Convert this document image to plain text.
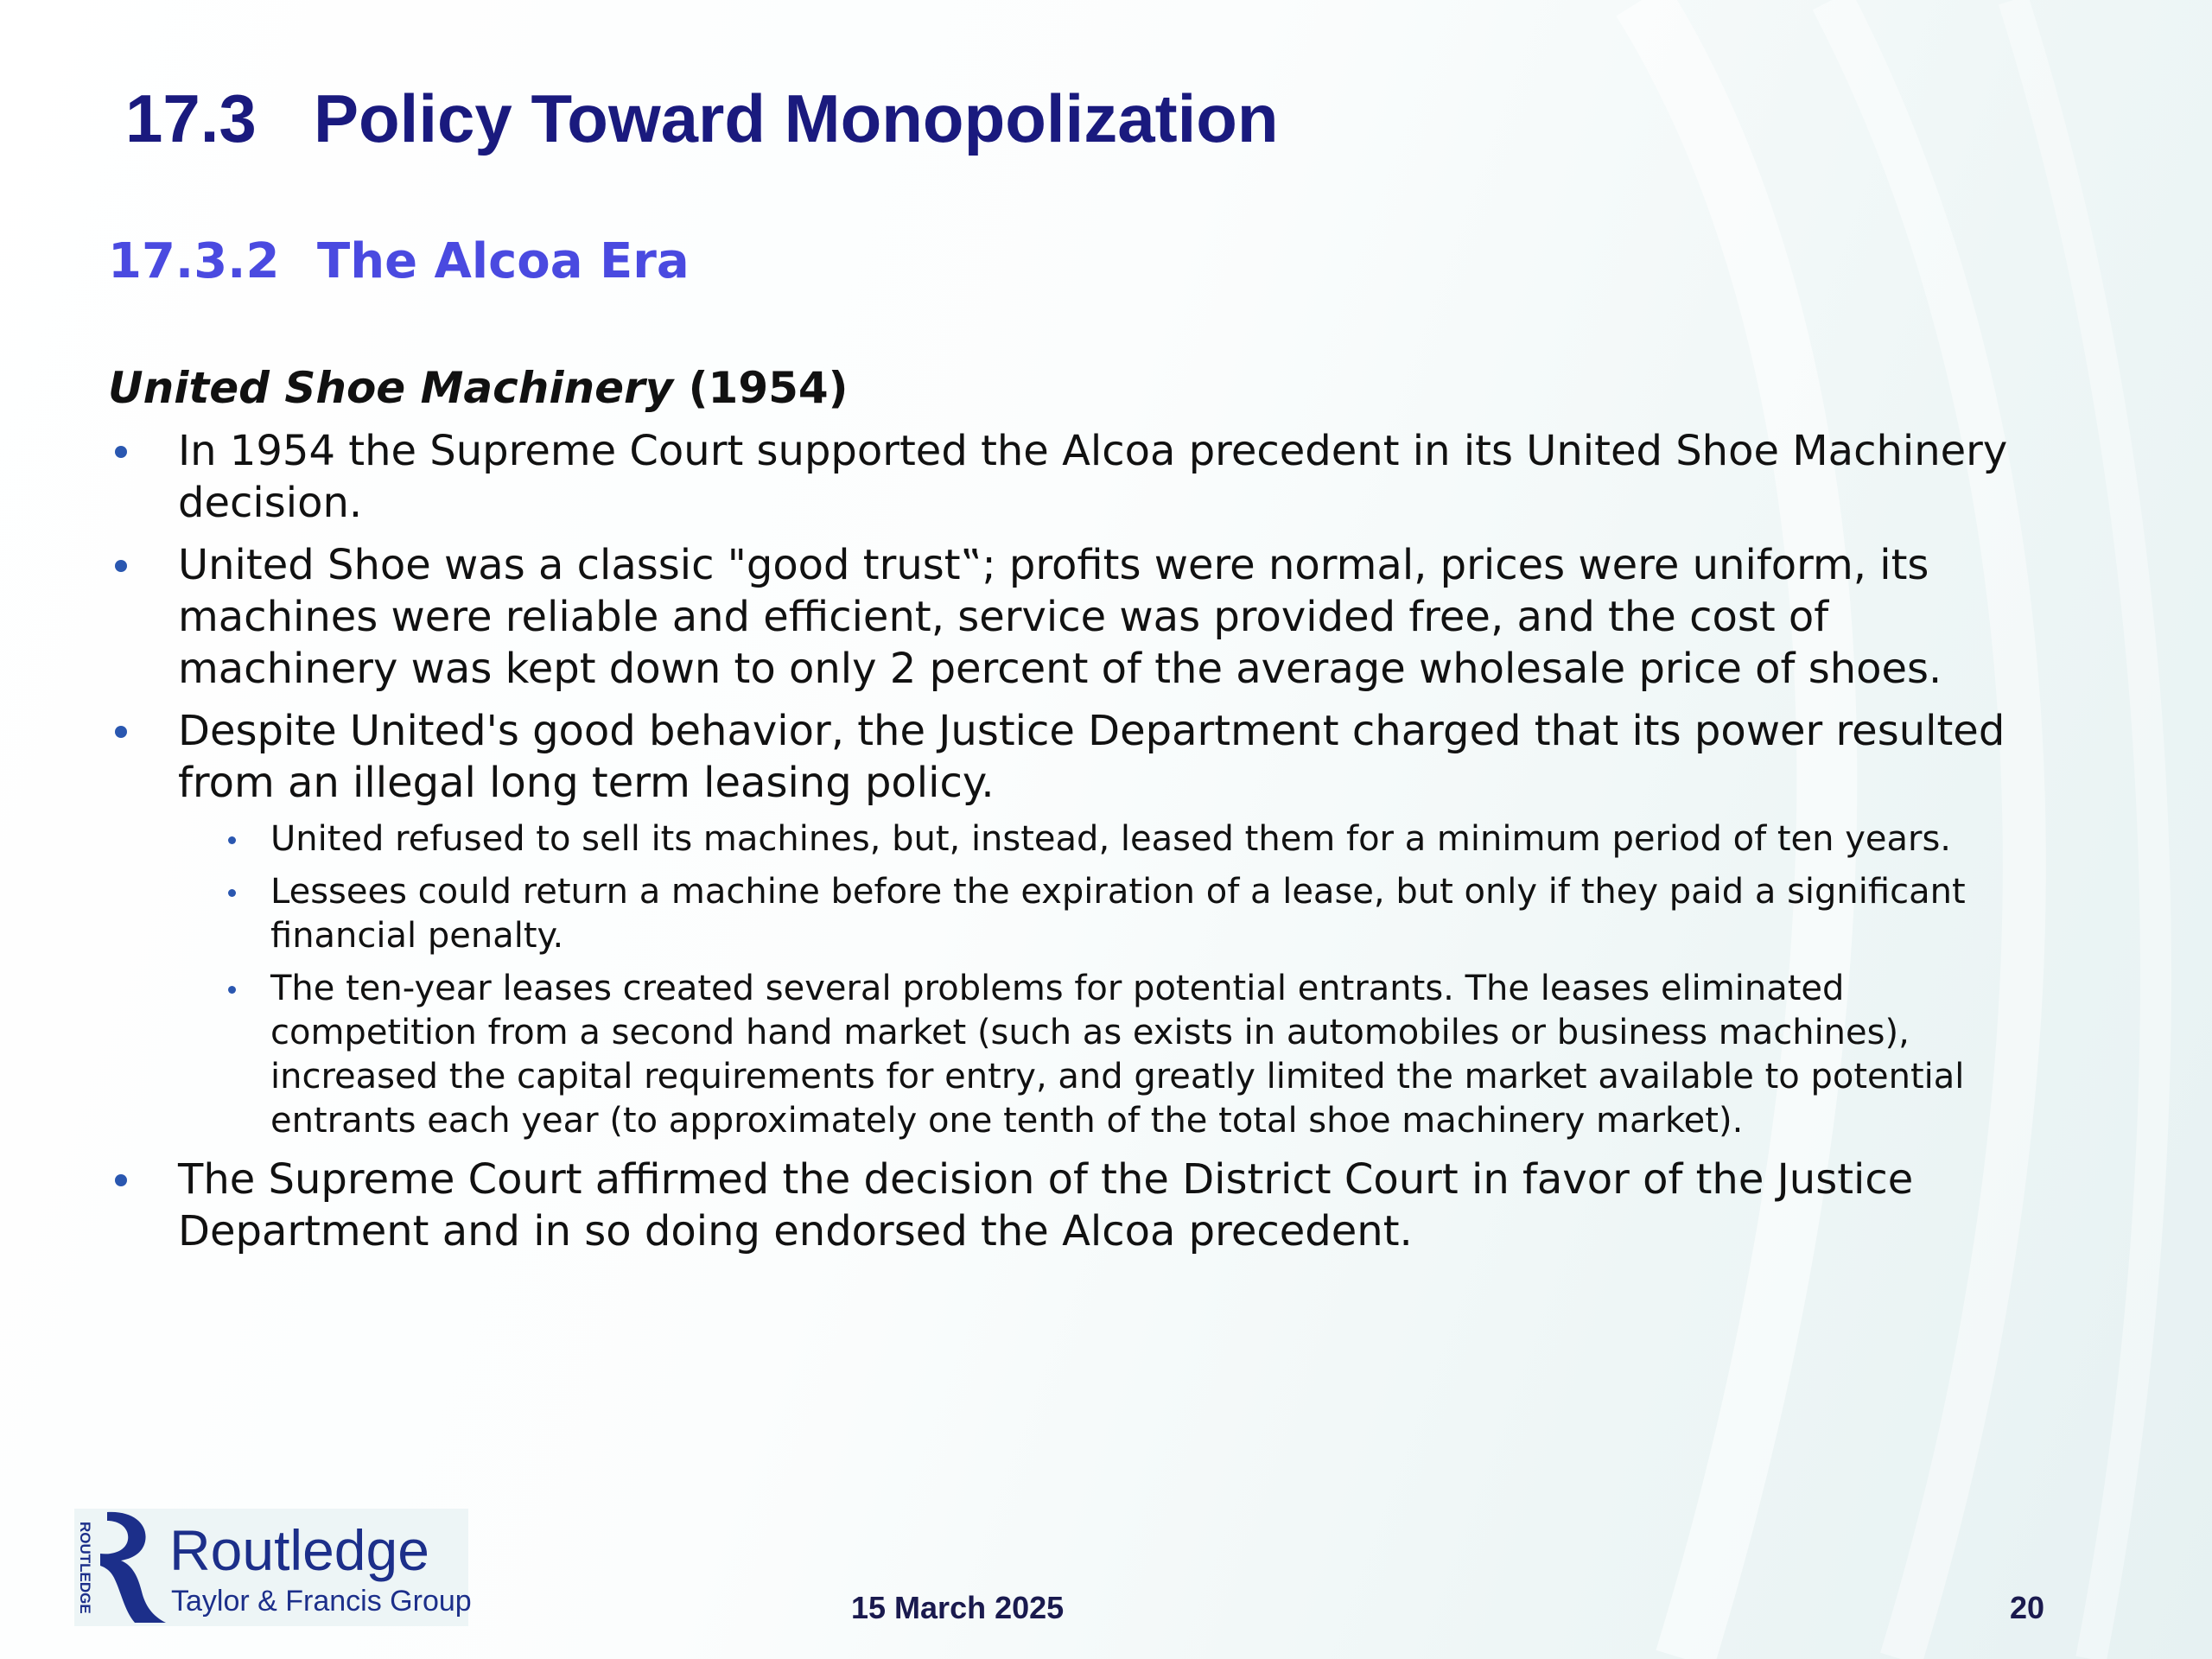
17.3 Policy Toward Monopolization
17.3.2 The Alcoa Era
United Shoe Machinery (1954)
In 1954 the Supreme Court supported the Alcoa precedent in its United Shoe Machinery decision.
United Shoe was a classic "good trust‟; profits were normal, prices were uniform, its machines were reliable and efficient, service was provided free, and the cost of machinery was kept down to only 2 percent of the average wholesale price of shoes.
Despite United's good behavior, the Justice Department charged that its power resulted from an illegal long term leasing policy.
United refused to sell its machines, but, instead, leased them for a minimum period of ten years.
Lessees could return a machine before the expiration of a lease, but only if they paid a significant financial penalty.
The ten-year leases created several problems for potential entrants. The leases eliminated competition from a second hand market (such as exists in automobiles or business machines), increased the capital requirements for entry, and greatly limited the market available to potential entrants each year (to approximately one tenth of the total shoe machinery market).
The Supreme Court affirmed the decision of the District Court in favor of the Justice Department and in so doing endorsed the Alcoa precedent.
ROUTLEDGE Routledge
Taylor & Francis Group	15 March 2025	20
